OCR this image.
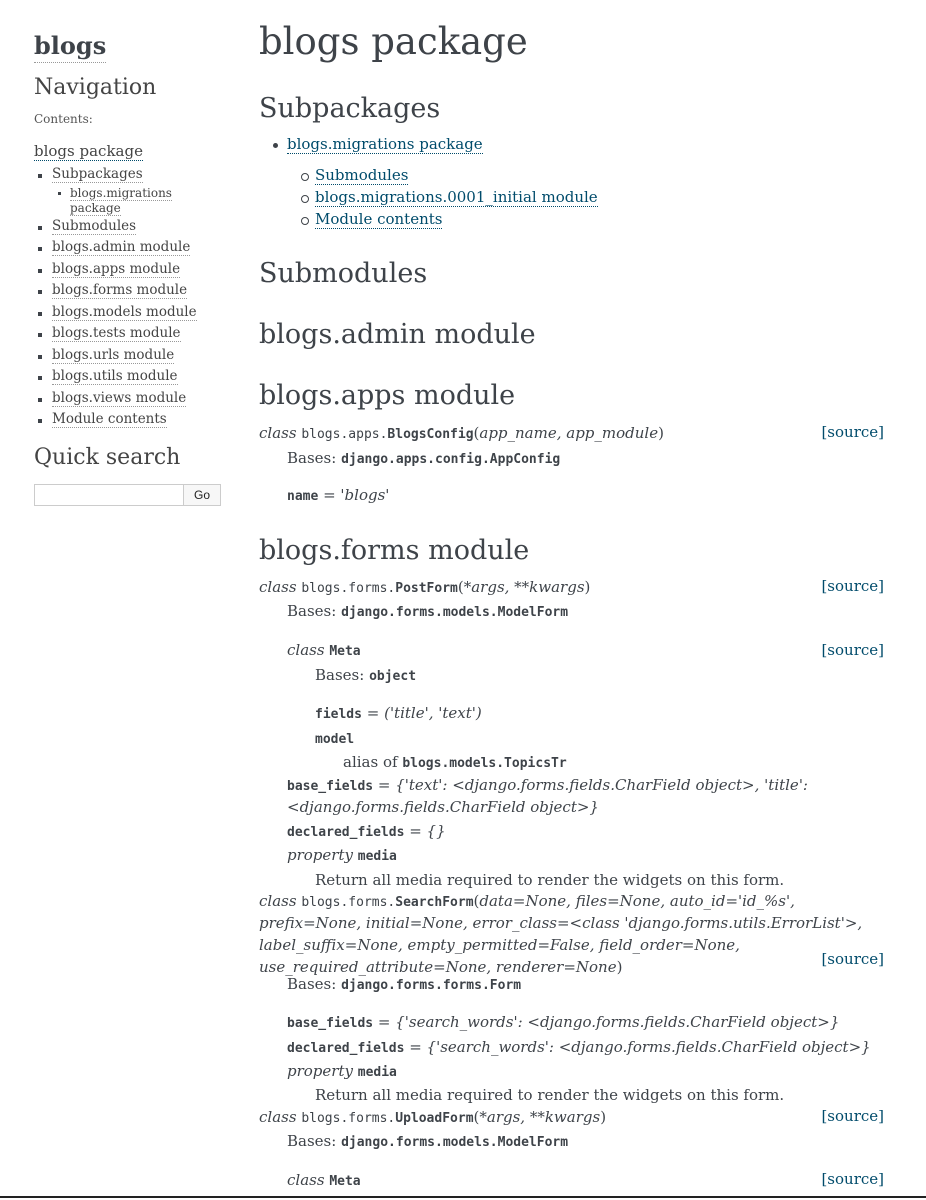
blogs
Navigation

Contents:

blogs package
Subpackages
blogs.migrations package
Submodules
blogs.admin module
blogs.apps module
blogs.forms module
blogs.models module
blogs.tests module
blogs.urls module
blogs.utils module
blogs.views module
Module contents
Quick search
Go
blogs package
Subpackages
blogs.migrations package
Submodules
blogs.migrations.0001_initial module
Module contents
Submodules
blogs.admin module
blogs.apps module
class blogs.apps.BlogsConfig(app_name, app_module)	[source]
Bases: django.apps.config.AppConfig
name = 'blogs'
blogs.forms module
class blogs.forms.PostForm(*args, **kwargs)	[source]
Bases: django.forms.models.ModelForm
class Meta	[source]
Bases: object
fields = ('title', 'text')
model
alias of blogs.models.TopicsTr
base_fields = {'text': <django.forms.fields.CharField object>, 'title':
<django.forms.fields.CharField object>}
declared_fields = {}
property media
Return all media required to render the widgets on this form.
class blogs.forms.SearchForm(data=None, files=None, auto_id='id_%s',
prefix=None, initial=None, error_class=<class 'django.forms.utils.ErrorList'>,
label_suffix=None, empty_permitted=False, field_order=None,
use_required_attribute=None, renderer=None)	[source]
Bases: django.forms.forms.Form
base_fields = {'search_words': <django.forms.fields.CharField object>}
declared_fields = {'search_words': <django.forms.fields.CharField object>}
property media
Return all media required to render the widgets on this form.
class blogs.forms.UploadForm(*args, **kwargs)	[source]
Bases: django.forms.models.ModelForm
class Meta	[source]
